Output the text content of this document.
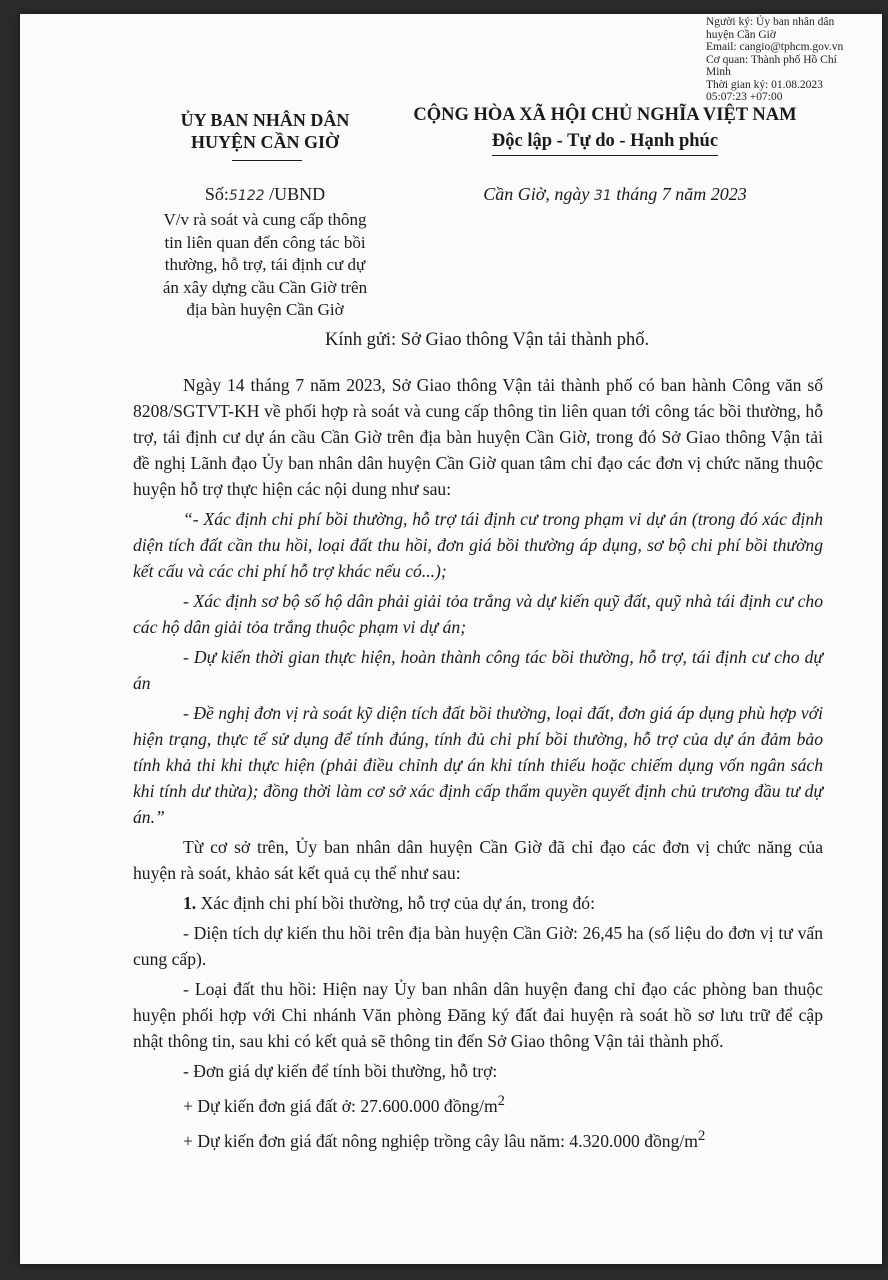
Người ký: Ủy ban nhân dân
huyện Cần Giờ
Email: cangio@tphcm.gov.vn
Cơ quan: Thành phố Hồ Chí
Minh
Thời gian ký: 01.08.2023
05:07:23 +07:00
ỦY BAN NHÂN DÂN
HUYỆN CẦN GIỜ
CỘNG HÒA XÃ HỘI CHỦ NGHĨA VIỆT NAM
Độc lập - Tự do - Hạnh phúc
Số:5122 /UBND	Cần Giờ, ngày 31 tháng 7 năm 2023
V/v rà soát và cung cấp thông
tin liên quan đến công tác bồi
thường, hỗ trợ, tái định cư dự
án xây dựng cầu Cần Giờ trên
địa bàn huyện Cần Giờ
Kính gửi: Sở Giao thông Vận tải thành phố.

Ngày 14 tháng 7 năm 2023, Sở Giao thông Vận tải thành phố có ban hành Công văn số 8208/SGTVT-KH về phối hợp rà soát và cung cấp thông tin liên quan tới công tác bồi thường, hỗ trợ, tái định cư dự án cầu Cần Giờ trên địa bàn huyện Cần Giờ, trong đó Sở Giao thông Vận tải đề nghị Lãnh đạo Ủy ban nhân dân huyện Cần Giờ quan tâm chỉ đạo các đơn vị chức năng thuộc huyện hỗ trợ thực hiện các nội dung như sau:

“- Xác định chi phí bồi thường, hỗ trợ tái định cư trong phạm vi dự án (trong đó xác định diện tích đất cần thu hồi, loại đất thu hồi, đơn giá bồi thường áp dụng, sơ bộ chi phí bồi thường kết cấu và các chi phí hỗ trợ khác nếu có...);

- Xác định sơ bộ số hộ dân phải giải tỏa trắng và dự kiến quỹ đất, quỹ nhà tái định cư cho các hộ dân giải tỏa trắng thuộc phạm vi dự án;

- Dự kiến thời gian thực hiện, hoàn thành công tác bồi thường, hỗ trợ, tái định cư cho dự án

- Đề nghị đơn vị rà soát kỹ diện tích đất bồi thường, loại đất, đơn giá áp dụng phù hợp với hiện trạng, thực tế sử dụng để tính đúng, tính đủ chi phí bồi thường, hỗ trợ của dự án đảm bảo tính khả thi khi thực hiện (phải điều chỉnh dự án khi tính thiếu hoặc chiếm dụng vốn ngân sách khi tính dư thừa); đồng thời làm cơ sở xác định cấp thẩm quyền quyết định chủ trương đầu tư dự án.”

Từ cơ sở trên, Ủy ban nhân dân huyện Cần Giờ đã chỉ đạo các đơn vị chức năng của huyện rà soát, khảo sát kết quả cụ thể như sau:

1. Xác định chi phí bồi thường, hỗ trợ của dự án, trong đó:

- Diện tích dự kiến thu hồi trên địa bàn huyện Cần Giờ: 26,45 ha (số liệu do đơn vị tư vấn cung cấp).

- Loại đất thu hồi: Hiện nay Ủy ban nhân dân huyện đang chỉ đạo các phòng ban thuộc huyện phối hợp với Chi nhánh Văn phòng Đăng ký đất đai huyện rà soát hồ sơ lưu trữ để cập nhật thông tin, sau khi có kết quả sẽ thông tin đến Sở Giao thông Vận tải thành phố.

- Đơn giá dự kiến để tính bồi thường, hỗ trợ:

+ Dự kiến đơn giá đất ở: 27.600.000 đồng/$m^2$

+ Dự kiến đơn giá đất nông nghiệp trồng cây lâu năm: 4.320.000 đồng/$m^2$
